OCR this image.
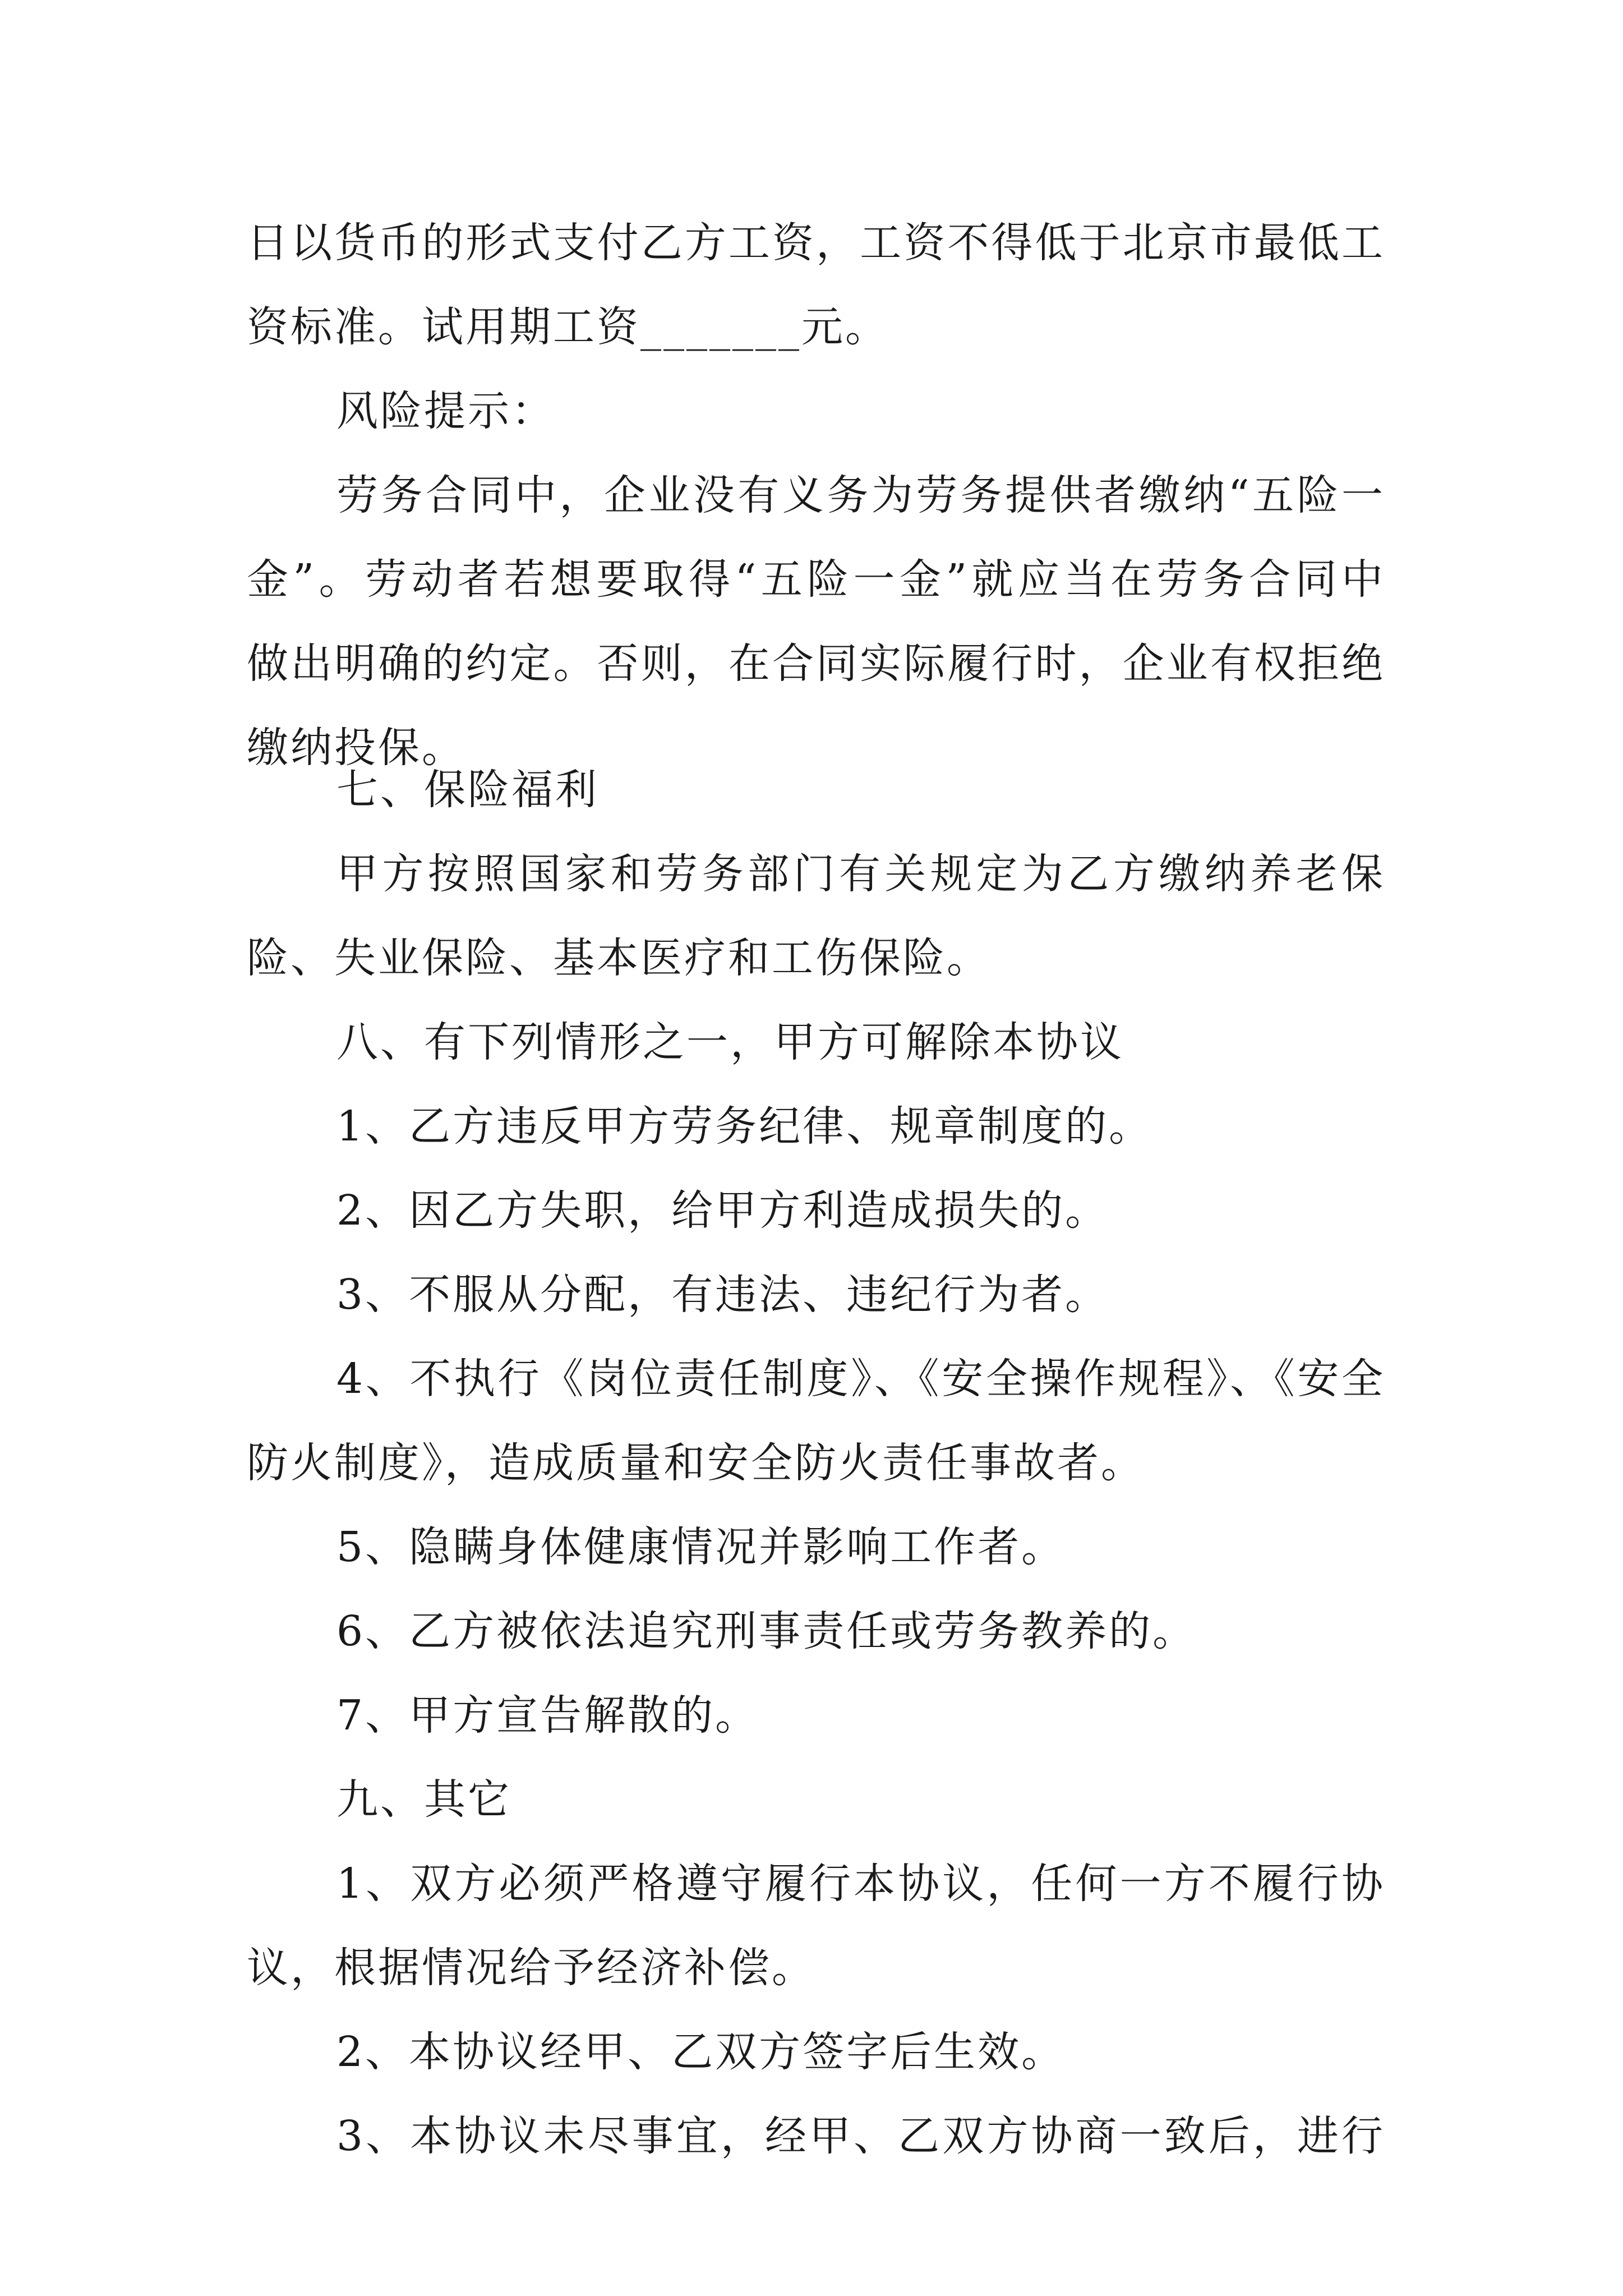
日以货币的形式支付乙方工资，工资不得低于北京市最低工
资标准。试用期工资_______元。
风险提示：
劳务合同中，企业没有义务为劳务提供者缴纳“五险一
金”。劳动者若想要取得“五险一金”就应当在劳务合同中
做出明确的约定。否则，在合同实际履行时，企业有权拒绝
缴纳投保。
七、保险福利
甲方按照国家和劳务部门有关规定为乙方缴纳养老保
险、失业保险、基本医疗和工伤保险。
八、有下列情形之一，甲方可解除本协议
1、乙方违反甲方劳务纪律、规章制度的。
2、因乙方失职，给甲方利造成损失的。
3、不服从分配，有违法、违纪行为者。
4、不执行《岗位责任制度》、《安全操作规程》、《安全
防火制度》，造成质量和安全防火责任事故者。
5、隐瞒身体健康情况并影响工作者。
6、乙方被依法追究刑事责任或劳务教养的。
7、甲方宣告解散的。
九、其它
1、双方必须严格遵守履行本协议，任何一方不履行协
议，根据情况给予经济补偿。
2、本协议经甲、乙双方签字后生效。
3、本协议未尽事宜，经甲、乙双方协商一致后，进行
